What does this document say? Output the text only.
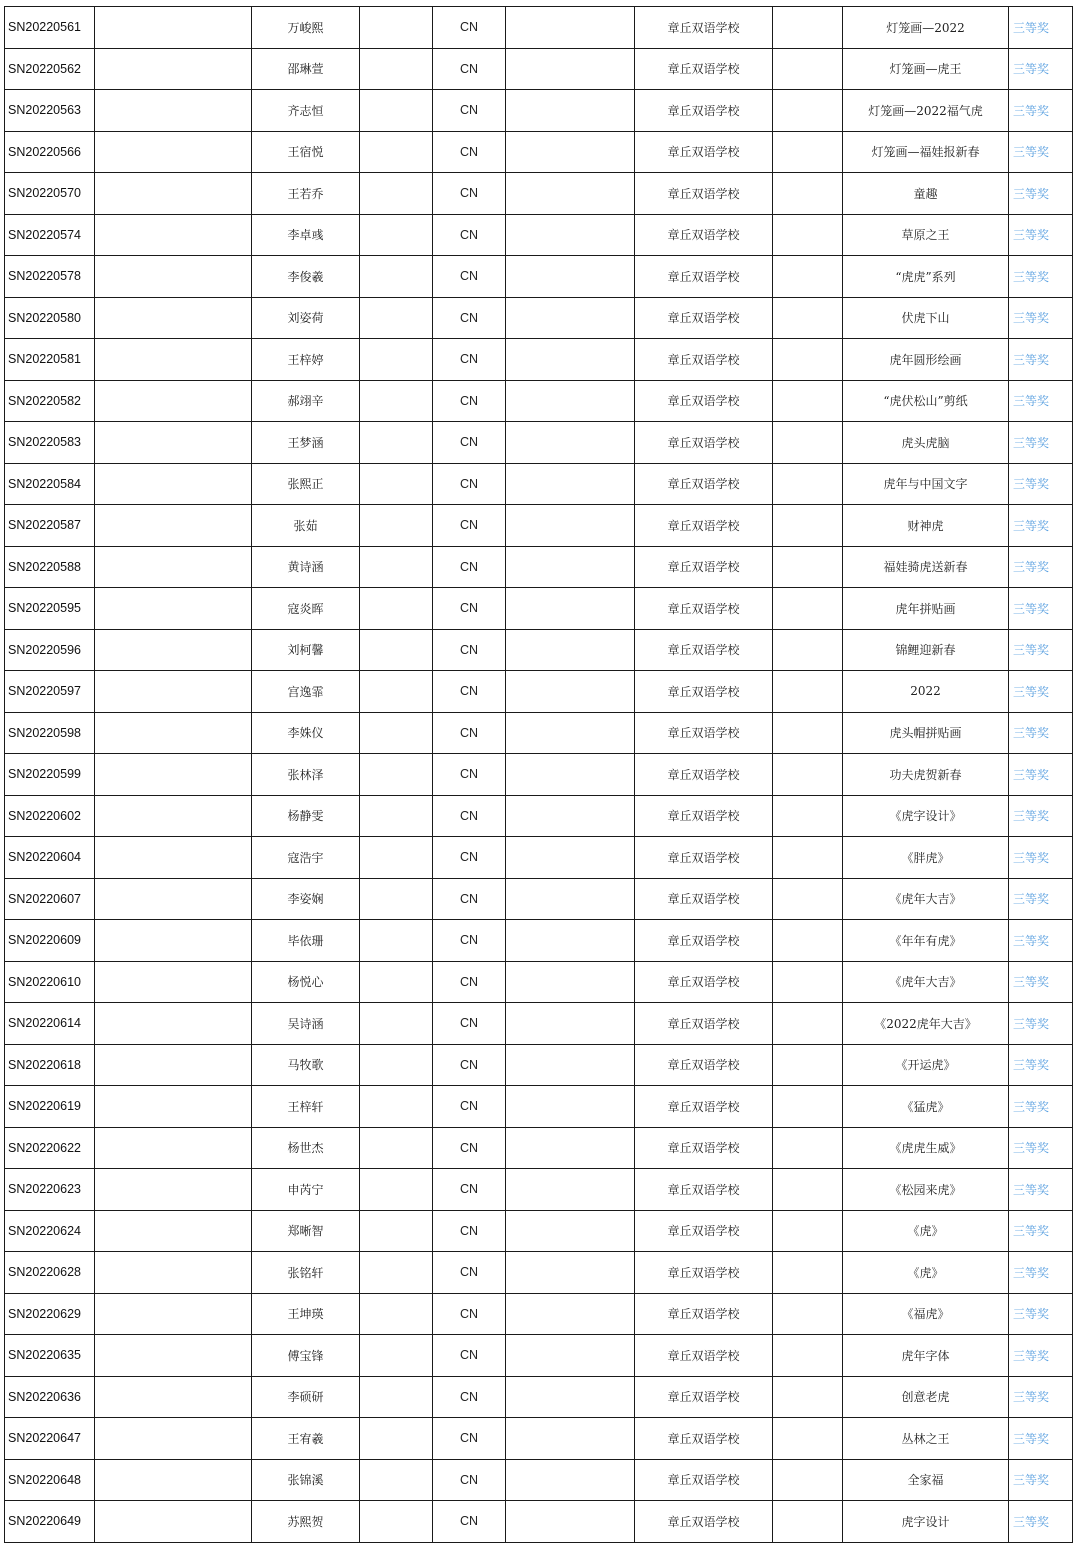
SN20220561		万峻熙		CN		章丘双语学校		灯笼画—2022	三等奖
SN20220562		邵琳萱		CN		章丘双语学校		灯笼画—虎王	三等奖
SN20220563		齐志恒		CN		章丘双语学校		灯笼画—2022福气虎	三等奖
SN20220566		王宿悦		CN		章丘双语学校		灯笼画—福娃报新春	三等奖
SN20220570		王若乔		CN		章丘双语学校		童趣	三等奖
SN20220574		李卓彧		CN		章丘双语学校		草原之王	三等奖
SN20220578		李俊羲		CN		章丘双语学校		“虎虎”系列	三等奖
SN20220580		刘姿荷		CN		章丘双语学校		伏虎下山	三等奖
SN20220581		王梓婷		CN		章丘双语学校		虎年圆形绘画	三等奖
SN20220582		郝翊辛		CN		章丘双语学校		“虎伏松山”剪纸	三等奖
SN20220583		王梦涵		CN		章丘双语学校		虎头虎脑	三等奖
SN20220584		张熙正		CN		章丘双语学校		虎年与中国文字	三等奖
SN20220587		张茹		CN		章丘双语学校		财神虎	三等奖
SN20220588		黄诗涵		CN		章丘双语学校		福娃骑虎送新春	三等奖
SN20220595		寇炎晖		CN		章丘双语学校		虎年拼贴画	三等奖
SN20220596		刘柯馨		CN		章丘双语学校		锦鲤迎新春	三等奖
SN20220597		宫逸霏		CN		章丘双语学校		2022	三等奖
SN20220598		李姝仪		CN		章丘双语学校		虎头帽拼贴画	三等奖
SN20220599		张林泽		CN		章丘双语学校		功夫虎贺新春	三等奖
SN20220602		杨静雯		CN		章丘双语学校		《虎字设计》	三等奖
SN20220604		寇浩宇		CN		章丘双语学校		《胖虎》	三等奖
SN20220607		李姿娴		CN		章丘双语学校		《虎年大吉》	三等奖
SN20220609		毕依珊		CN		章丘双语学校		《年年有虎》	三等奖
SN20220610		杨悦心		CN		章丘双语学校		《虎年大吉》	三等奖
SN20220614		吴诗涵		CN		章丘双语学校		《2022虎年大吉》	三等奖
SN20220618		马牧歌		CN		章丘双语学校		《开运虎》	三等奖
SN20220619		王梓轩		CN		章丘双语学校		《猛虎》	三等奖
SN20220622		杨世杰		CN		章丘双语学校		《虎虎生威》	三等奖
SN20220623		申芮宁		CN		章丘双语学校		《松园来虎》	三等奖
SN20220624		郑晰智		CN		章丘双语学校		《虎》	三等奖
SN20220628		张铭轩		CN		章丘双语学校		《虎》	三等奖
SN20220629		王坤瑛		CN		章丘双语学校		《福虎》	三等奖
SN20220635		傅宝锋		CN		章丘双语学校		虎年字体	三等奖
SN20220636		李硕研		CN		章丘双语学校		创意老虎	三等奖
SN20220647		王宥羲		CN		章丘双语学校		丛林之王	三等奖
SN20220648		张锦溪		CN		章丘双语学校		全家福	三等奖
SN20220649		苏熙贺		CN		章丘双语学校		虎字设计	三等奖
